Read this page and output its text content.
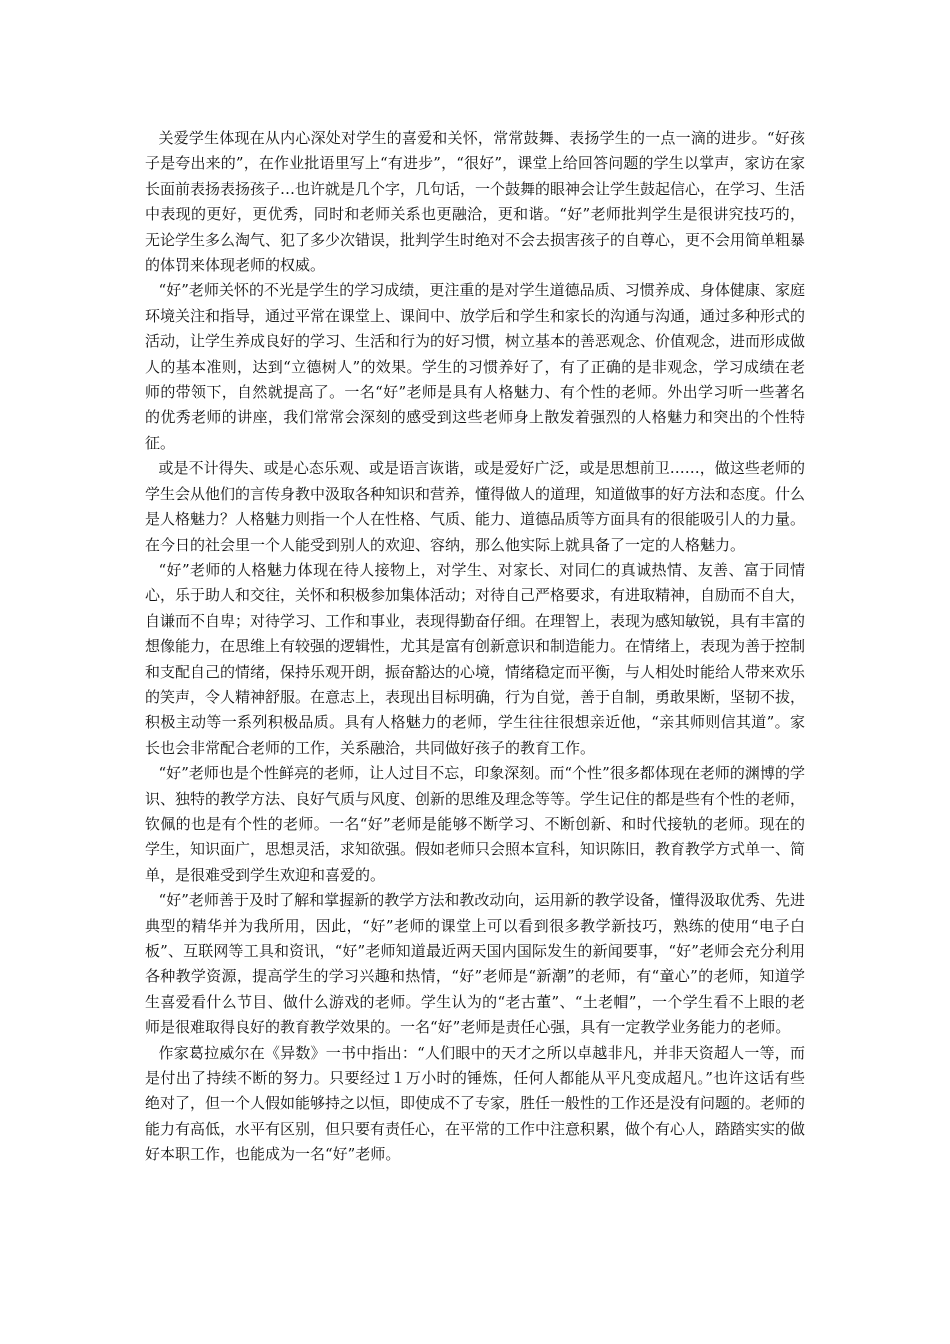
关爱学生体现在从内心深处对学生的喜爱和关怀，常常鼓舞、表扬学生的一点一滴的进步。“好孩子是夸出来的”，在作业批语里写上“有进步”，“很好”，课堂上给回答问题的学生以掌声，家访在家长面前表扬表扬孩子…也许就是几个字，几句话，一个鼓舞的眼神会让学生鼓起信心，在学习、生活中表现的更好，更优秀，同时和老师关系也更融洽，更和谐。“好”老师批判学生是很讲究技巧的，无论学生多么淘气、犯了多少次错误，批判学生时绝对不会去损害孩子的自尊心，更不会用简单粗暴的体罚来体现老师的权威。

“好”老师关怀的不光是学生的学习成绩，更注重的是对学生道德品质、习惯养成、身体健康、家庭环境关注和指导，通过平常在课堂上、课间中、放学后和学生和家长的沟通与沟通，通过多种形式的活动，让学生养成良好的学习、生活和行为的好习惯，树立基本的善恶观念、价值观念，进而形成做人的基本准则，达到“立德树人”的效果。学生的习惯养好了，有了正确的是非观念，学习成绩在老师的带领下，自然就提高了。一名“好”老师是具有人格魅力、有个性的老师。外出学习听一些著名的优秀老师的讲座，我们常常会深刻的感受到这些老师身上散发着强烈的人格魅力和突出的个性特征。

或是不计得失、或是心态乐观、或是语言诙谐，或是爱好广泛，或是思想前卫……，做这些老师的学生会从他们的言传身教中汲取各种知识和营养，懂得做人的道理，知道做事的好方法和态度。什么是人格魅力？人格魅力则指一个人在性格、气质、能力、道德品质等方面具有的很能吸引人的力量。在今日的社会里一个人能受到别人的欢迎、容纳，那么他实际上就具备了一定的人格魅力。

“好”老师的人格魅力体现在待人接物上，对学生、对家长、对同仁的真诚热情、友善、富于同情心，乐于助人和交往，关怀和积极参加集体活动；对待自己严格要求，有进取精神，自励而不自大，自谦而不自卑；对待学习、工作和事业，表现得勤奋仔细。在理智上，表现为感知敏锐，具有丰富的想像能力，在思维上有较强的逻辑性，尤其是富有创新意识和制造能力。在情绪上，表现为善于控制和支配自己的情绪，保持乐观开朗，振奋豁达的心境，情绪稳定而平衡，与人相处时能给人带来欢乐的笑声，令人精神舒服。在意志上，表现出目标明确，行为自觉，善于自制，勇敢果断，坚韧不拔，积极主动等一系列积极品质。具有人格魅力的老师，学生往往很想亲近他，“亲其师则信其道”。家长也会非常配合老师的工作，关系融洽，共同做好孩子的教育工作。

“好”老师也是个性鲜亮的老师，让人过目不忘，印象深刻。而“个性”很多都体现在老师的渊博的学识、独特的教学方法、良好气质与风度、创新的思维及理念等等。学生记住的都是些有个性的老师，钦佩的也是有个性的老师。一名“好”老师是能够不断学习、不断创新、和时代接轨的老师。现在的学生，知识面广，思想灵活，求知欲强。假如老师只会照本宣科，知识陈旧，教育教学方式单一、简单，是很难受到学生欢迎和喜爱的。

“好”老师善于及时了解和掌握新的教学方法和教改动向，运用新的教学设备，懂得汲取优秀、先进典型的精华并为我所用，因此，“好”老师的课堂上可以看到很多教学新技巧，熟练的使用“电子白板”、互联网等工具和资讯，“好”老师知道最近两天国内国际发生的新闻要事，“好”老师会充分利用各种教学资源，提高学生的学习兴趣和热情，“好”老师是“新潮”的老师，有“童心”的老师，知道学生喜爱看什么节目、做什么游戏的老师。学生认为的“老古董”、“土老帽”，一个学生看不上眼的老师是很难取得良好的教育教学效果的。一名“好”老师是责任心强，具有一定教学业务能力的老师。

作家葛拉威尔在《异数》一书中指出：“人们眼中的天才之所以卓越非凡，并非天资超人一等，而是付出了持续不断的努力。只要经过１万小时的锤炼，任何人都能从平凡变成超凡。”也许这话有些绝对了，但一个人假如能够持之以恒，即使成不了专家，胜任一般性的工作还是没有问题的。老师的能力有高低，水平有区别，但只要有责任心，在平常的工作中注意积累，做个有心人，踏踏实实的做好本职工作，也能成为一名“好”老师。
